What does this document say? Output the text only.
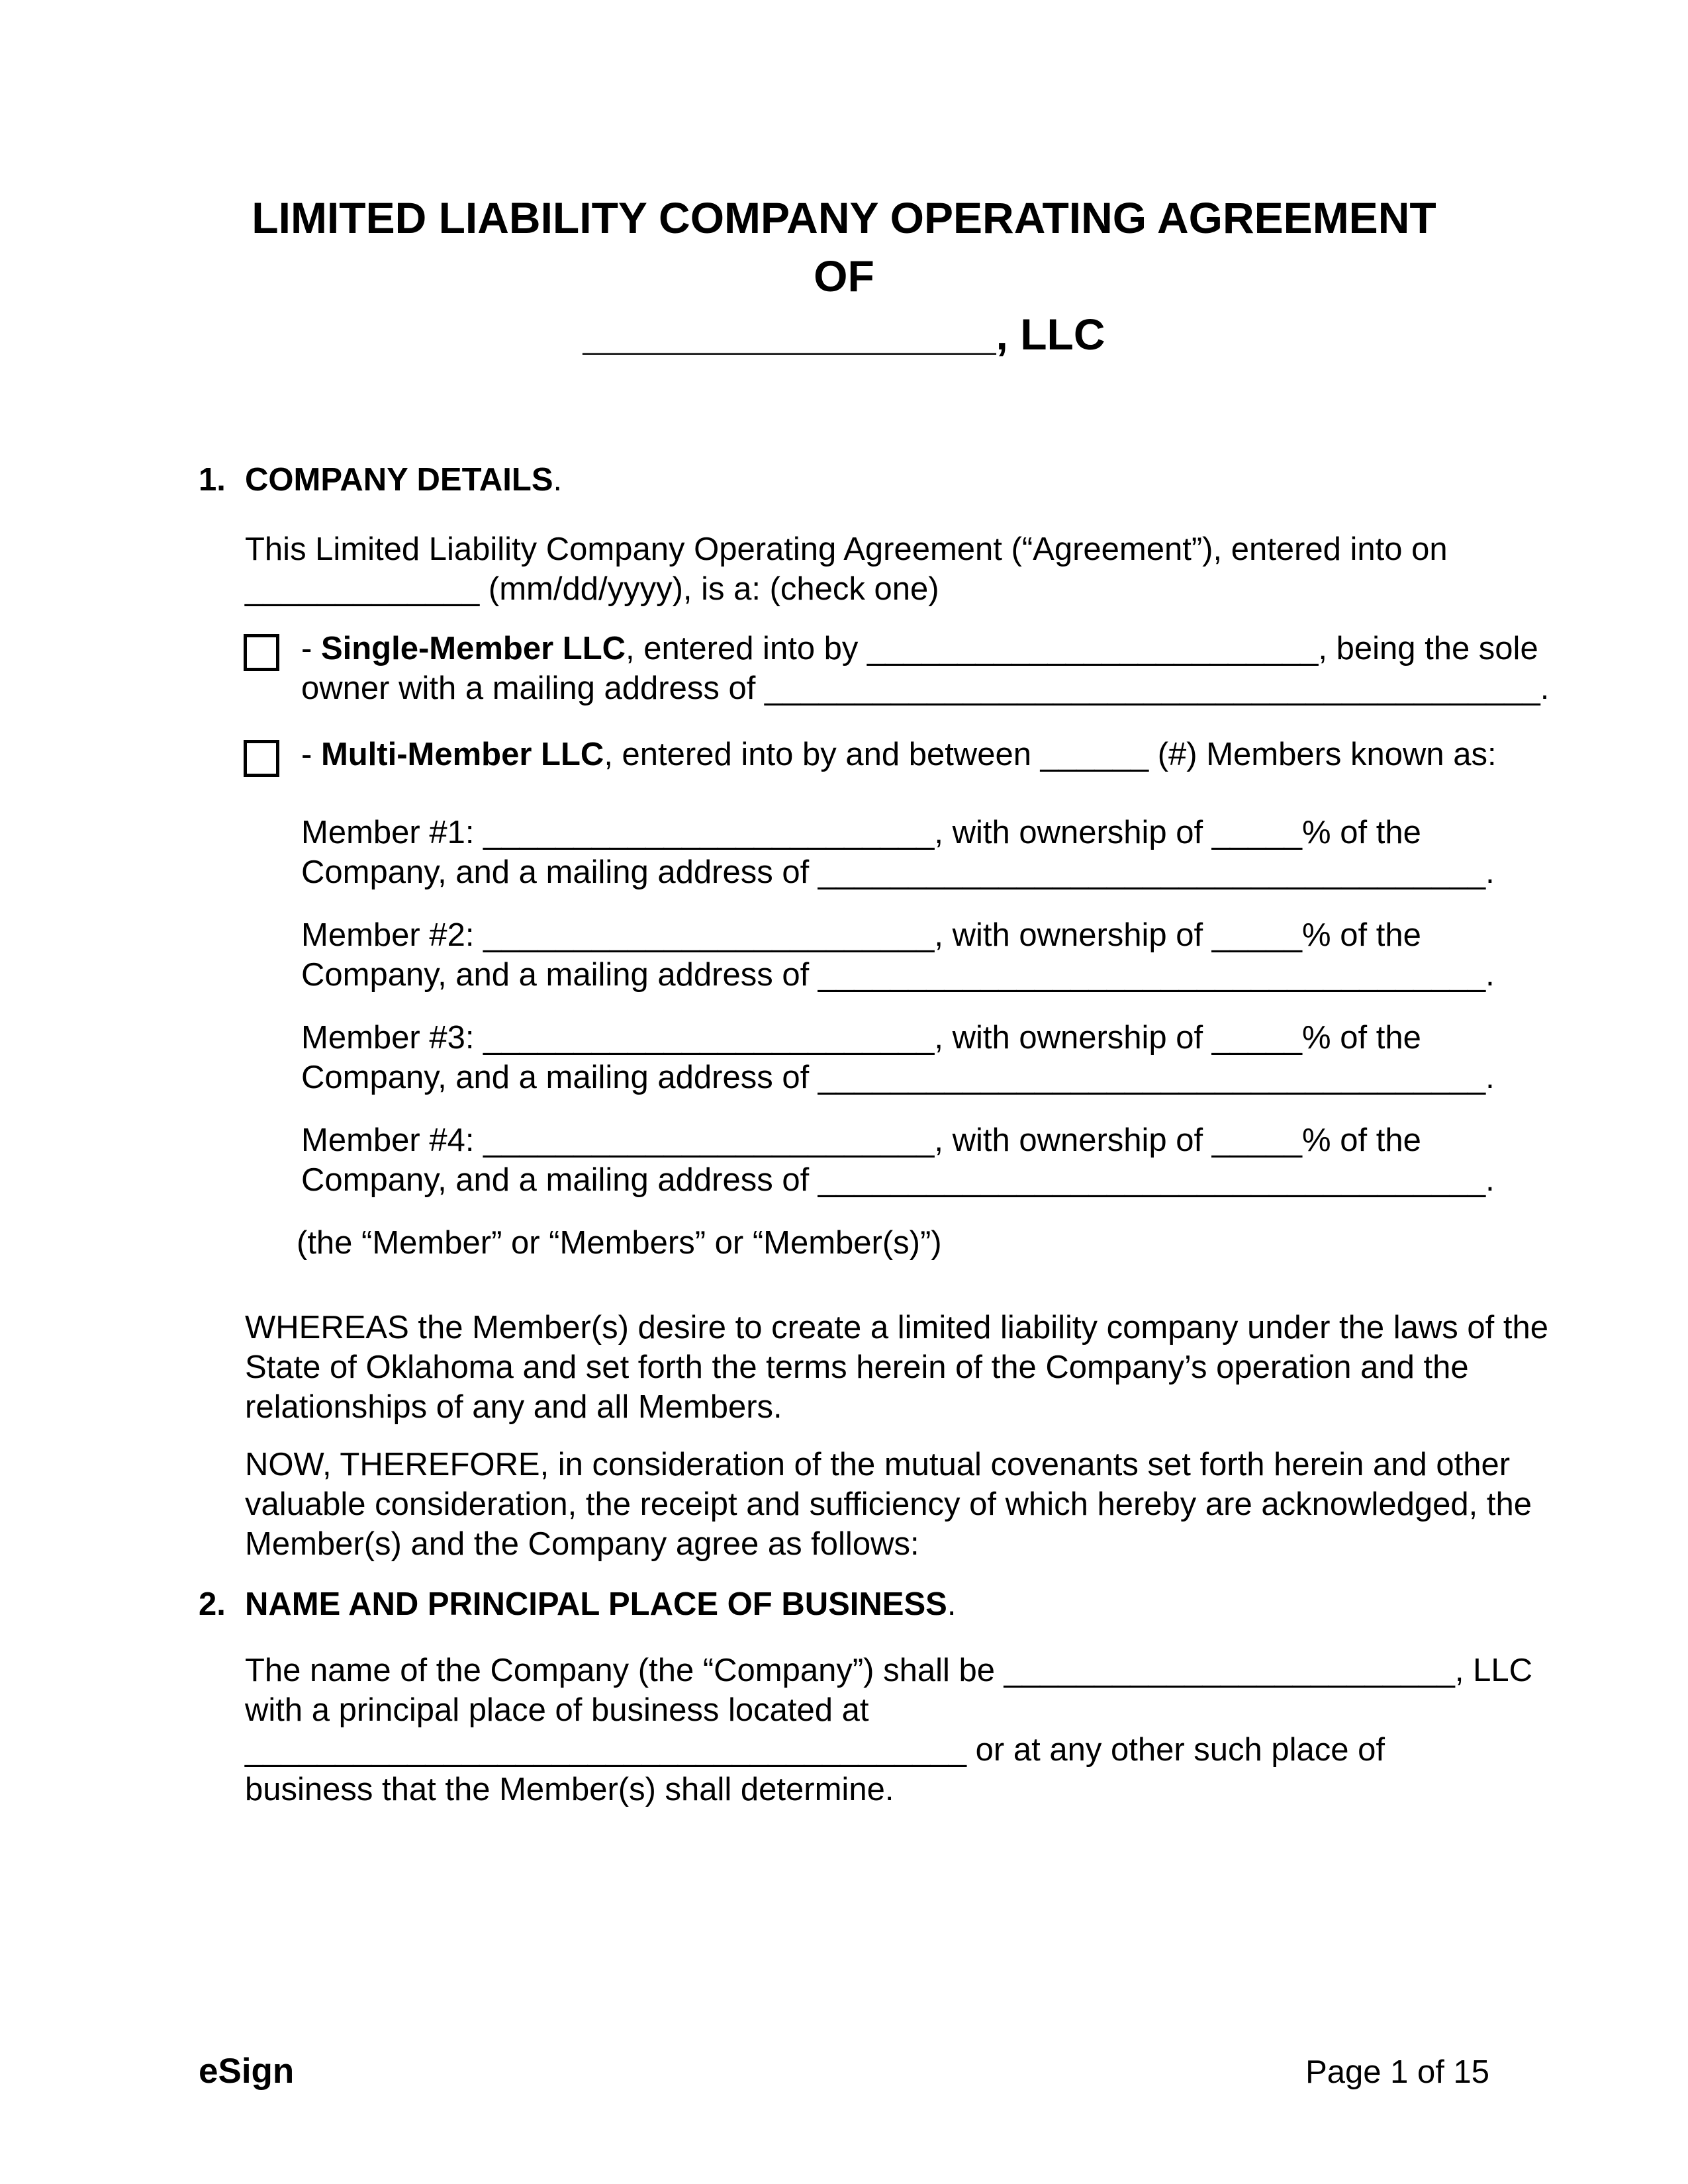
LIMITED LIABILITY COMPANY OPERATING AGREEMENT
OF
_________________, LLC
1. COMPANY DETAILS.
This Limited Liability Company Operating Agreement (“Agreement”), entered into on
_____________ (mm/dd/yyyy), is a: (check one)
- Single-Member LLC, entered into by _________________________, being the sole
owner with a mailing address of ___________________________________________.
- Multi-Member LLC, entered into by and between ______ (#) Members known as:
Member #1: _________________________, with ownership of _____% of the
Company, and a mailing address of _____________________________________.
Member #2: _________________________, with ownership of _____% of the
Company, and a mailing address of _____________________________________.
Member #3: _________________________, with ownership of _____% of the
Company, and a mailing address of _____________________________________.
Member #4: _________________________, with ownership of _____% of the
Company, and a mailing address of _____________________________________.
(the “Member” or “Members” or “Member(s)”)
WHEREAS the Member(s) desire to create a limited liability company under the laws of the
State of Oklahoma and set forth the terms herein of the Company’s operation and the
relationships of any and all Members.
NOW, THEREFORE, in consideration of the mutual covenants set forth herein and other
valuable consideration, the receipt and sufficiency of which hereby are acknowledged, the
Member(s) and the Company agree as follows:
2. NAME AND PRINCIPAL PLACE OF BUSINESS.
The name of the Company (the “Company”) shall be _________________________, LLC
with a principal place of business located at
________________________________________ or at any other such place of
business that the Member(s) shall determine.
eSign	Page 1 of 15
